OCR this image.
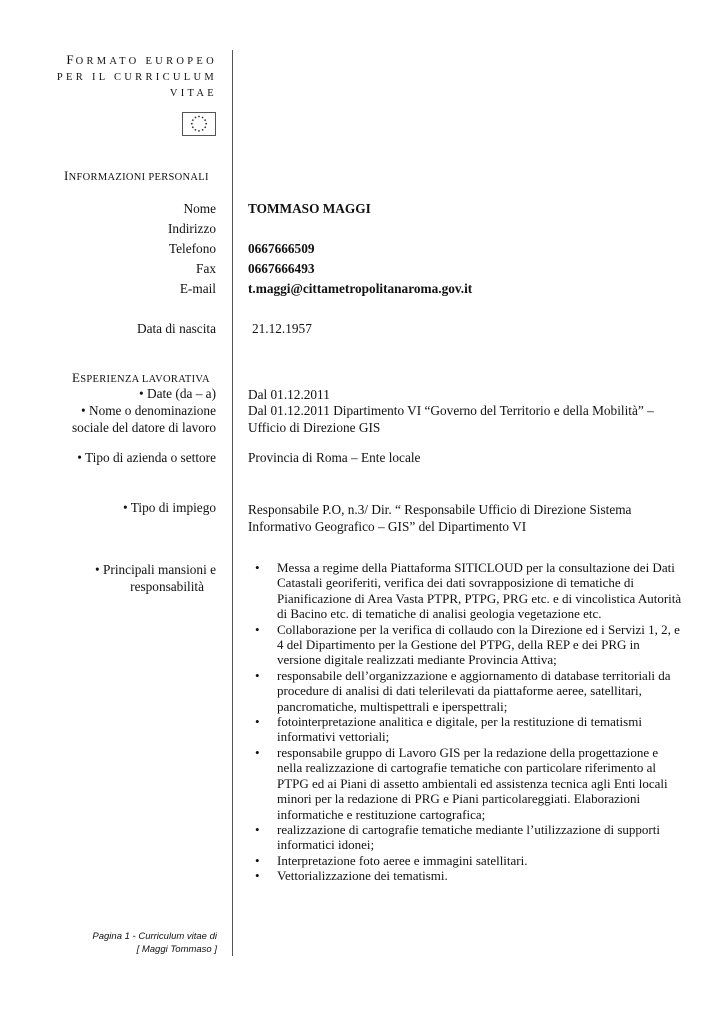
FORMATO EUROPEO
PER IL CURRICULUM
VITAE
INFORMAZIONI PERSONALI
Nome TOMMASO MAGGI
Indirizzo
Telefono 0667666509
Fax 0667666493
E-mail t.maggi@cittametropolitanaroma.gov.it
Data di nascita	21.12.1957
ESPERIENZA LAVORATIVA
• Date (da – a) Dal 01.12.2011
• Nome o denominazione
sociale del datore di lavoro
Dal 01.12.2011 Dipartimento VI “Governo del Territorio e della Mobilità” –
Ufficio di Direzione GIS
• Tipo di azienda o settore Provincia di Roma – Ente locale
• Tipo di impiego Responsabile P.O, n.3/ Dir. “ Responsabile Ufficio di Direzione Sistema
Informativo Geografico – GIS” del Dipartimento VI
• Principali mansioni e
responsabilità
• Messa a regime della Piattaforma SITICLOUD per la consultazione dei Dati Catastali georiferiti, verifica dei dati sovrapposizione di tematiche di Pianificazione di Area Vasta PTPR, PTPG, PRG etc. e di vincolistica Autorità di Bacino etc. di tematiche di analisi geologia vegetazione etc.
• Collaborazione per la verifica di collaudo con la Direzione ed i Servizi 1, 2, e 4 del Dipartimento per la Gestione del PTPG, della REP e dei PRG in versione digitale realizzati mediante Provincia Attiva;
• responsabile dell’organizzazione e aggiornamento di database territoriali da procedure di analisi di dati telerilevati da piattaforme aeree, satellitari, pancromatiche, multispettrali e iperspettrali;
• fotointerpretazione analitica e digitale, per la restituzione di tematismi informativi vettoriali;
• responsabile gruppo di Lavoro GIS per la redazione della progettazione e nella realizzazione di cartografie tematiche con particolare riferimento al PTPG ed ai Piani di assetto ambientali ed assistenza tecnica agli Enti locali minori per la redazione di PRG e Piani particolareggiati. Elaborazioni informatiche e restituzione cartografica;
• realizzazione di cartografie tematiche mediante l’utilizzazione di supporti informatici idonei;
• Interpretazione foto aeree e immagini satellitari.
• Vettorializzazione dei tematismi.
Pagina 1 - Curriculum vitae di
[ Maggi Tommaso ]
